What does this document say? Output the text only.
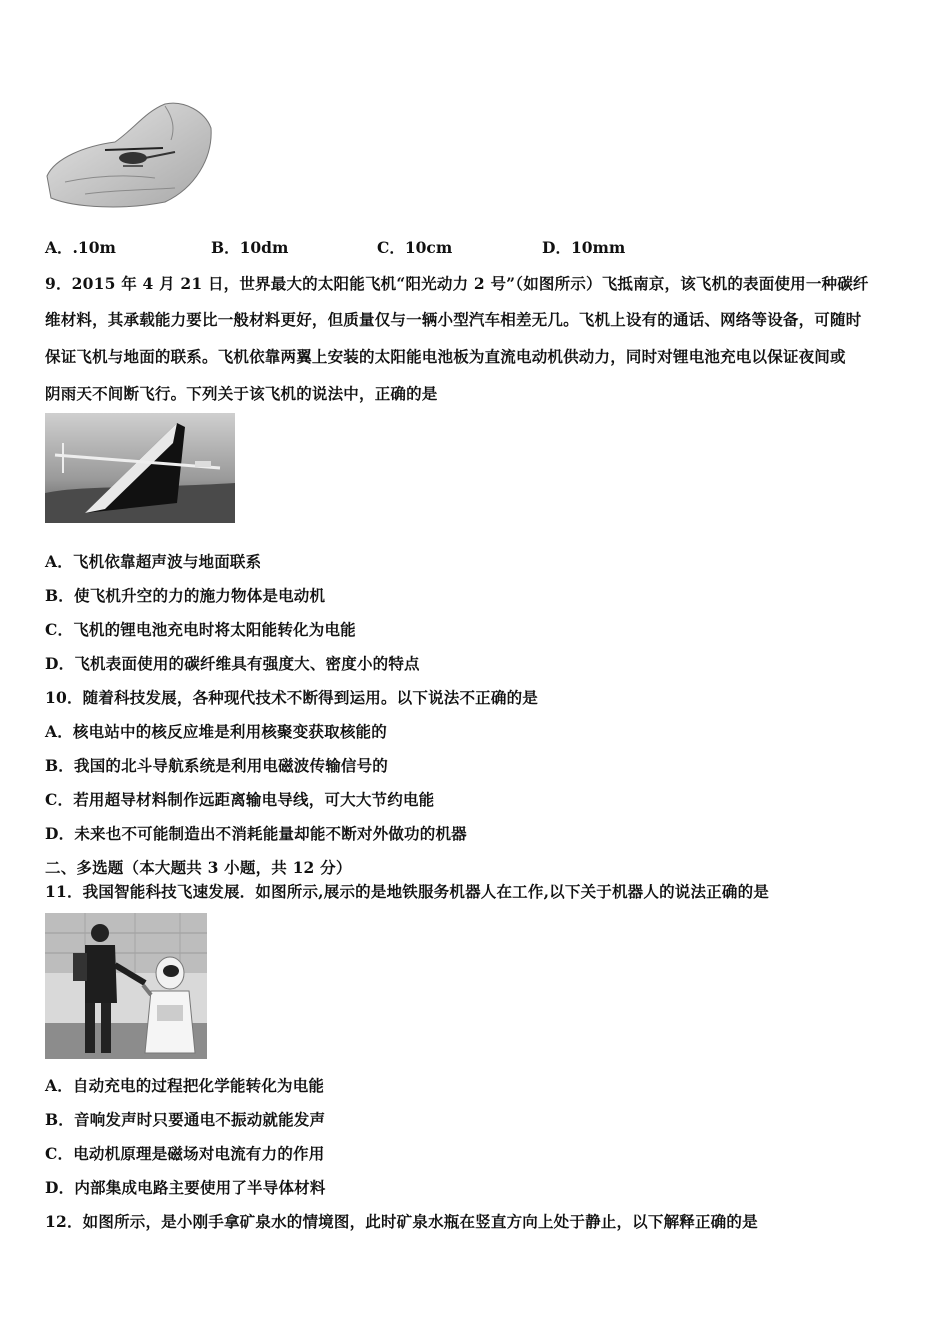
A．.10m	B．10dm	C．10cm	D．10mm
9．2015 年 4 月 21 日，世界最大的太阳能飞机“阳光动力 2 号”（如图所示）飞抵南京，该飞机的表面使用一种碳纤
维材料，其承载能力要比一般材料更好，但质量仅与一辆小型汽车相差无几。飞机上设有的通话、网络等设备，可随时
保证飞机与地面的联系。飞机依靠两翼上安装的太阳能电池板为直流电动机供动力，同时对锂电池充电以保证夜间或
阴雨天不间断飞行。下列关于该飞机的说法中，正确的是
A．飞机依靠超声波与地面联系
B．使飞机升空的力的施力物体是电动机
C．飞机的锂电池充电时将太阳能转化为电能
D．飞机表面使用的碳纤维具有强度大、密度小的特点
10．随着科技发展，各种现代技术不断得到运用。以下说法不正确的是
A．核电站中的核反应堆是利用核聚变获取核能的
B．我国的北斗导航系统是利用电磁波传输信号的
C．若用超导材料制作远距离输电导线，可大大节约电能
D．未来也不可能制造出不消耗能量却能不断对外做功的机器
二、多选题（本大题共 3 小题，共 12 分）
11．我国智能科技飞速发展．如图所示,展示的是地铁服务机器人在工作,以下关于机器人的说法正确的是
A．自动充电的过程把化学能转化为电能
B．音响发声时只要通电不振动就能发声
C．电动机原理是磁场对电流有力的作用
D．内部集成电路主要使用了半导体材料
12．如图所示，是小刚手拿矿泉水的情境图，此时矿泉水瓶在竖直方向上处于静止，以下解释正确的是
